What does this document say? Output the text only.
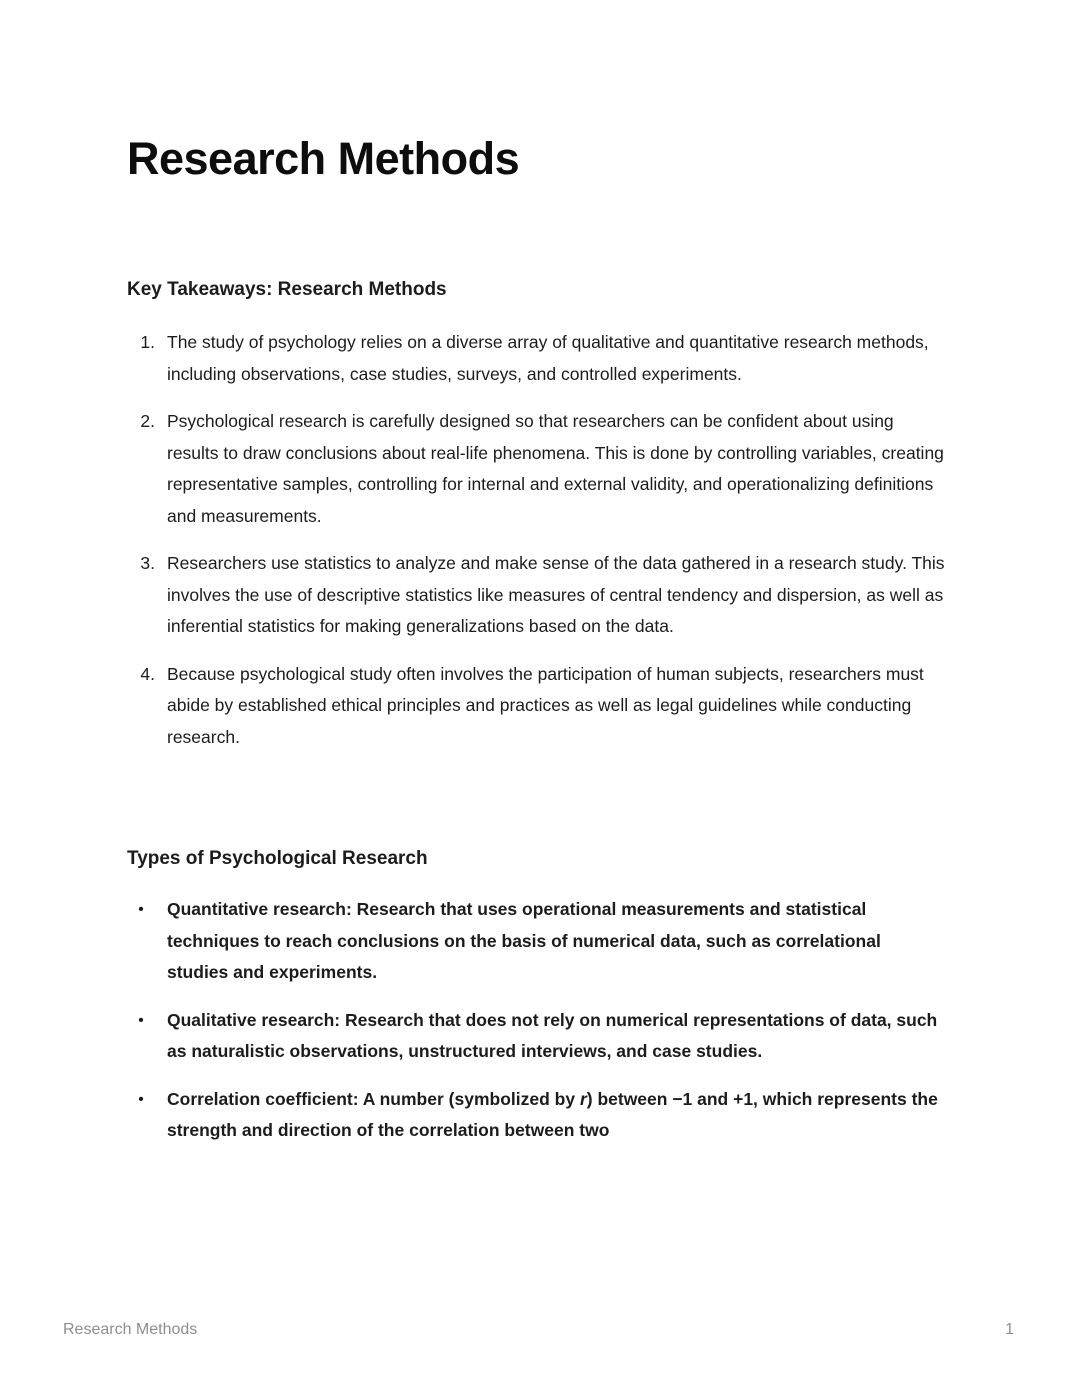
Research Methods
Key Takeaways: Research Methods
1. The study of psychology relies on a diverse array of qualitative and quantitative research methods, including observations, case studies, surveys, and controlled experiments.
2. Psychological research is carefully designed so that researchers can be confident about using results to draw conclusions about real-life phenomena. This is done by controlling variables, creating representative samples, controlling for internal and external validity, and operationalizing definitions and measurements.
3. Researchers use statistics to analyze and make sense of the data gathered in a research study. This involves the use of descriptive statistics like measures of central tendency and dispersion, as well as inferential statistics for making generalizations based on the data.
4. Because psychological study often involves the participation of human subjects, researchers must abide by established ethical principles and practices as well as legal guidelines while conducting research.
Types of Psychological Research
•	Quantitative research: Research that uses operational measurements and statistical techniques to reach conclusions on the basis of numerical data, such as correlational studies and experiments.
•	Qualitative research: Research that does not rely on numerical representations of data, such as naturalistic observations, unstructured interviews, and case studies.
•	Correlation coefficient: A number (symbolized by r) between −1 and +1, which represents the strength and direction of the correlation between two
Research Methods	1
